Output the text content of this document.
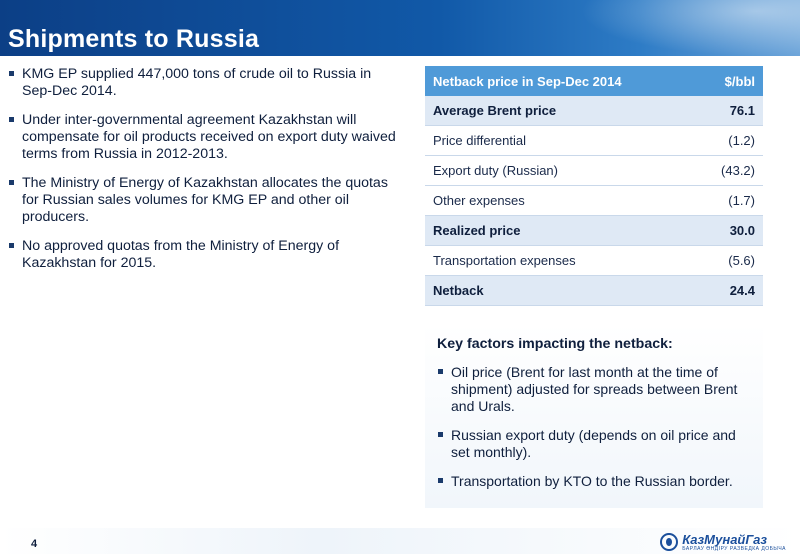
Shipments to Russia
KMG EP supplied 447,000 tons of crude oil to Russia in Sep-Dec 2014.
Under inter-governmental agreement Kazakhstan will compensate for oil products received on export duty waived terms from Russia in 2012-2013.
The Ministry of Energy of Kazakhstan allocates the quotas for Russian sales volumes for KMG EP and other oil producers.
No approved quotas from the Ministry of Energy of Kazakhstan for 2015.
Netback price in Sep-Dec 2014	$/bbl
Average Brent price	76.1
Price differential	(1.2)
Export duty (Russian)	(43.2)
Other expenses	(1.7)
Realized price	30.0
Transportation expenses	(5.6)
Netback	24.4
Key factors impacting the netback:
Oil price (Brent for last month at the time of shipment) adjusted for spreads between Brent and Urals.
Russian export duty (depends on oil price and set monthly).
Transportation by KTO to the Russian border.
4	КазМунайГаз
БАРЛАУ ӨНДІРУ РАЗВЕДКА ДОБЫЧА
